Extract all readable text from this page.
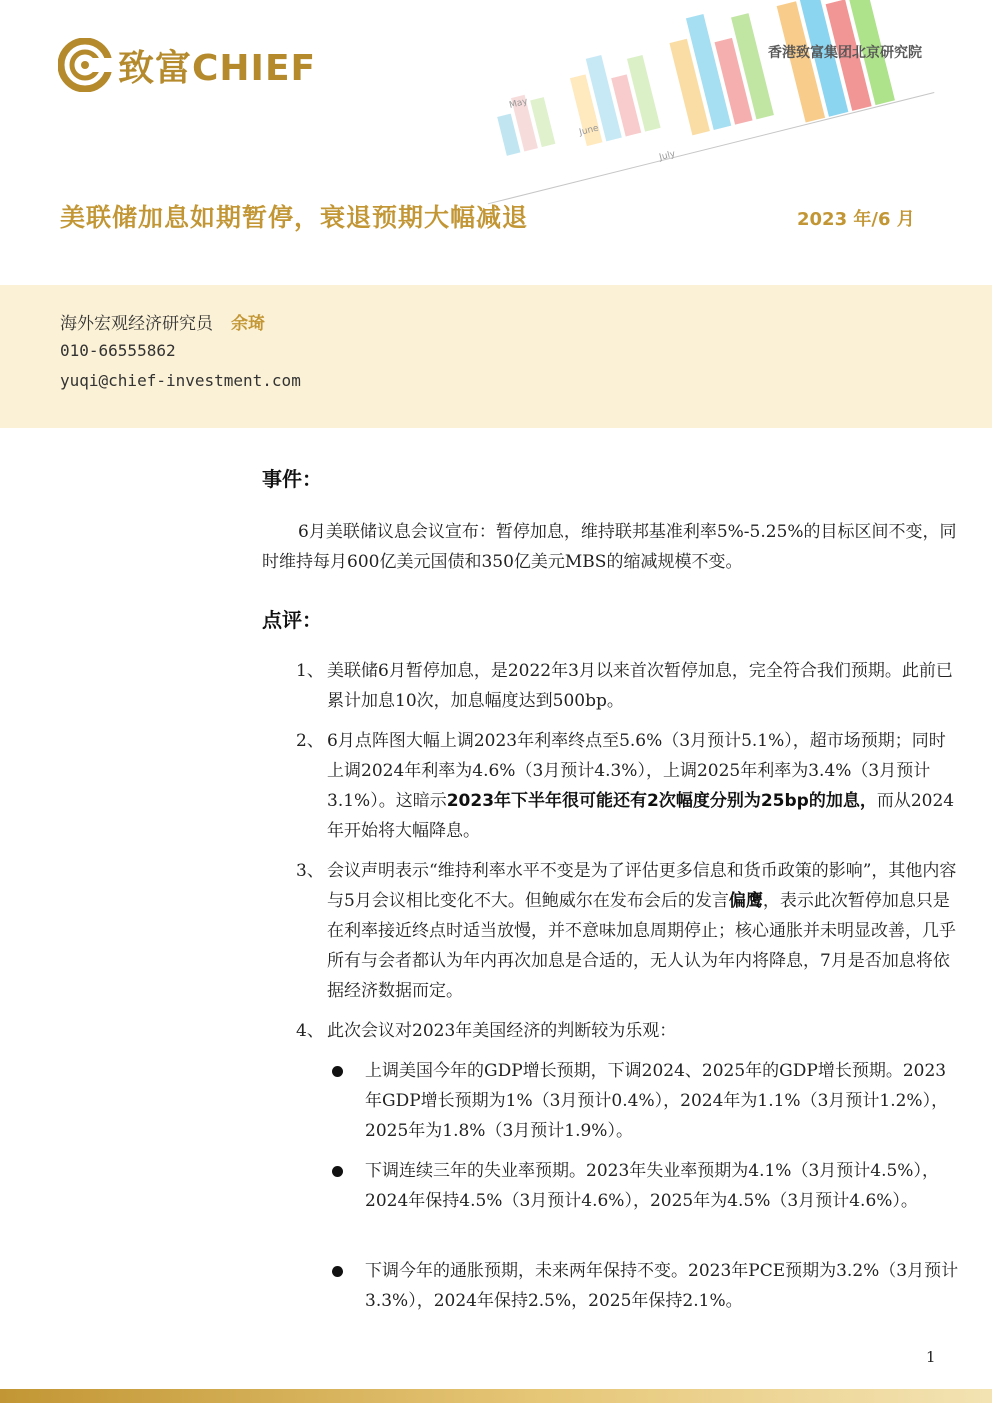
致富CHIEF
May
June
July
香港致富集团北京研究院
美联储加息如期暂停，衰退预期大幅减退	2023 年/6 月
海外宏观经济研究员 余琦
010-66555862
yuqi@chief-investment.com
事件：
6月美联储议息会议宣布：暂停加息，维持联邦基准利率5%-5.25%的目标区间不变，同时维持每月600亿美元国债和350亿美元MBS的缩减规模不变。
点评：
1、 美联储6月暂停加息，是2022年3月以来首次暂停加息，完全符合我们预期。此前已累计加息10次，加息幅度达到500bp。
2、 6月点阵图大幅上调2023年利率终点至5.6%（3月预计5.1%），超市场预期；同时上调2024年利率为4.6%（3月预计4.3%），上调2025年利率为3.4%（3月预计3.1%）。这暗示2023年下半年很可能还有2次幅度分别为25bp的加息，而从2024年开始将大幅降息。
3、 会议声明表示“维持利率水平不变是为了评估更多信息和货币政策的影响”，其他内容与5月会议相比变化不大。但鲍威尔在发布会后的发言偏鹰，表示此次暂停加息只是在利率接近终点时适当放慢，并不意味加息周期停止；核心通胀并未明显改善，几乎所有与会者都认为年内再次加息是合适的，无人认为年内将降息，7月是否加息将依据经济数据而定。
4、 此次会议对2023年美国经济的判断较为乐观：
上调美国今年的GDP增长预期，下调2024、2025年的GDP增长预期。2023年GDP增长预期为1%（3月预计0.4%），2024年为1.1%（3月预计1.2%），2025年为1.8%（3月预计1.9%）。
下调连续三年的失业率预期。2023年失业率预期为4.1%（3月预计4.5%），2024年保持4.5%（3月预计4.6%），2025年为4.5%（3月预计4.6%）。
下调今年的通胀预期，未来两年保持不变。2023年PCE预期为3.2%（3月预计3.3%），2024年保持2.5%，2025年保持2.1%。
1
